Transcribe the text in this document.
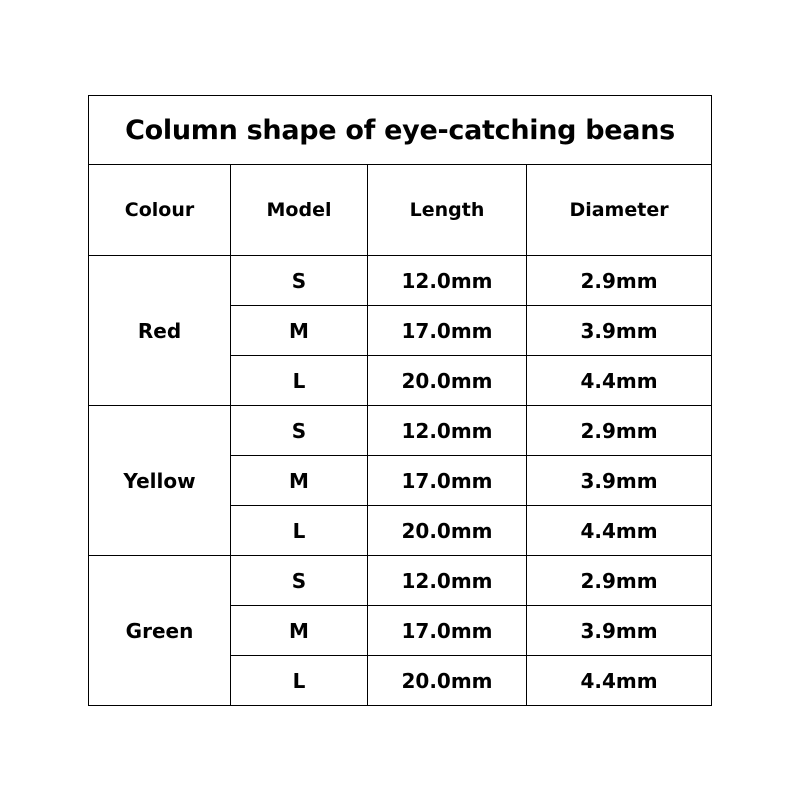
Column shape of eye-catching beans			
Colour	Model	Length	Diameter
Red	S	12.0mm	2.9mm
	M	17.0mm	3.9mm
	L	20.0mm	4.4mm
Yellow	S	12.0mm	2.9mm
	M	17.0mm	3.9mm
	L	20.0mm	4.4mm
Green	S	12.0mm	2.9mm
	M	17.0mm	3.9mm
	L	20.0mm	4.4mm
